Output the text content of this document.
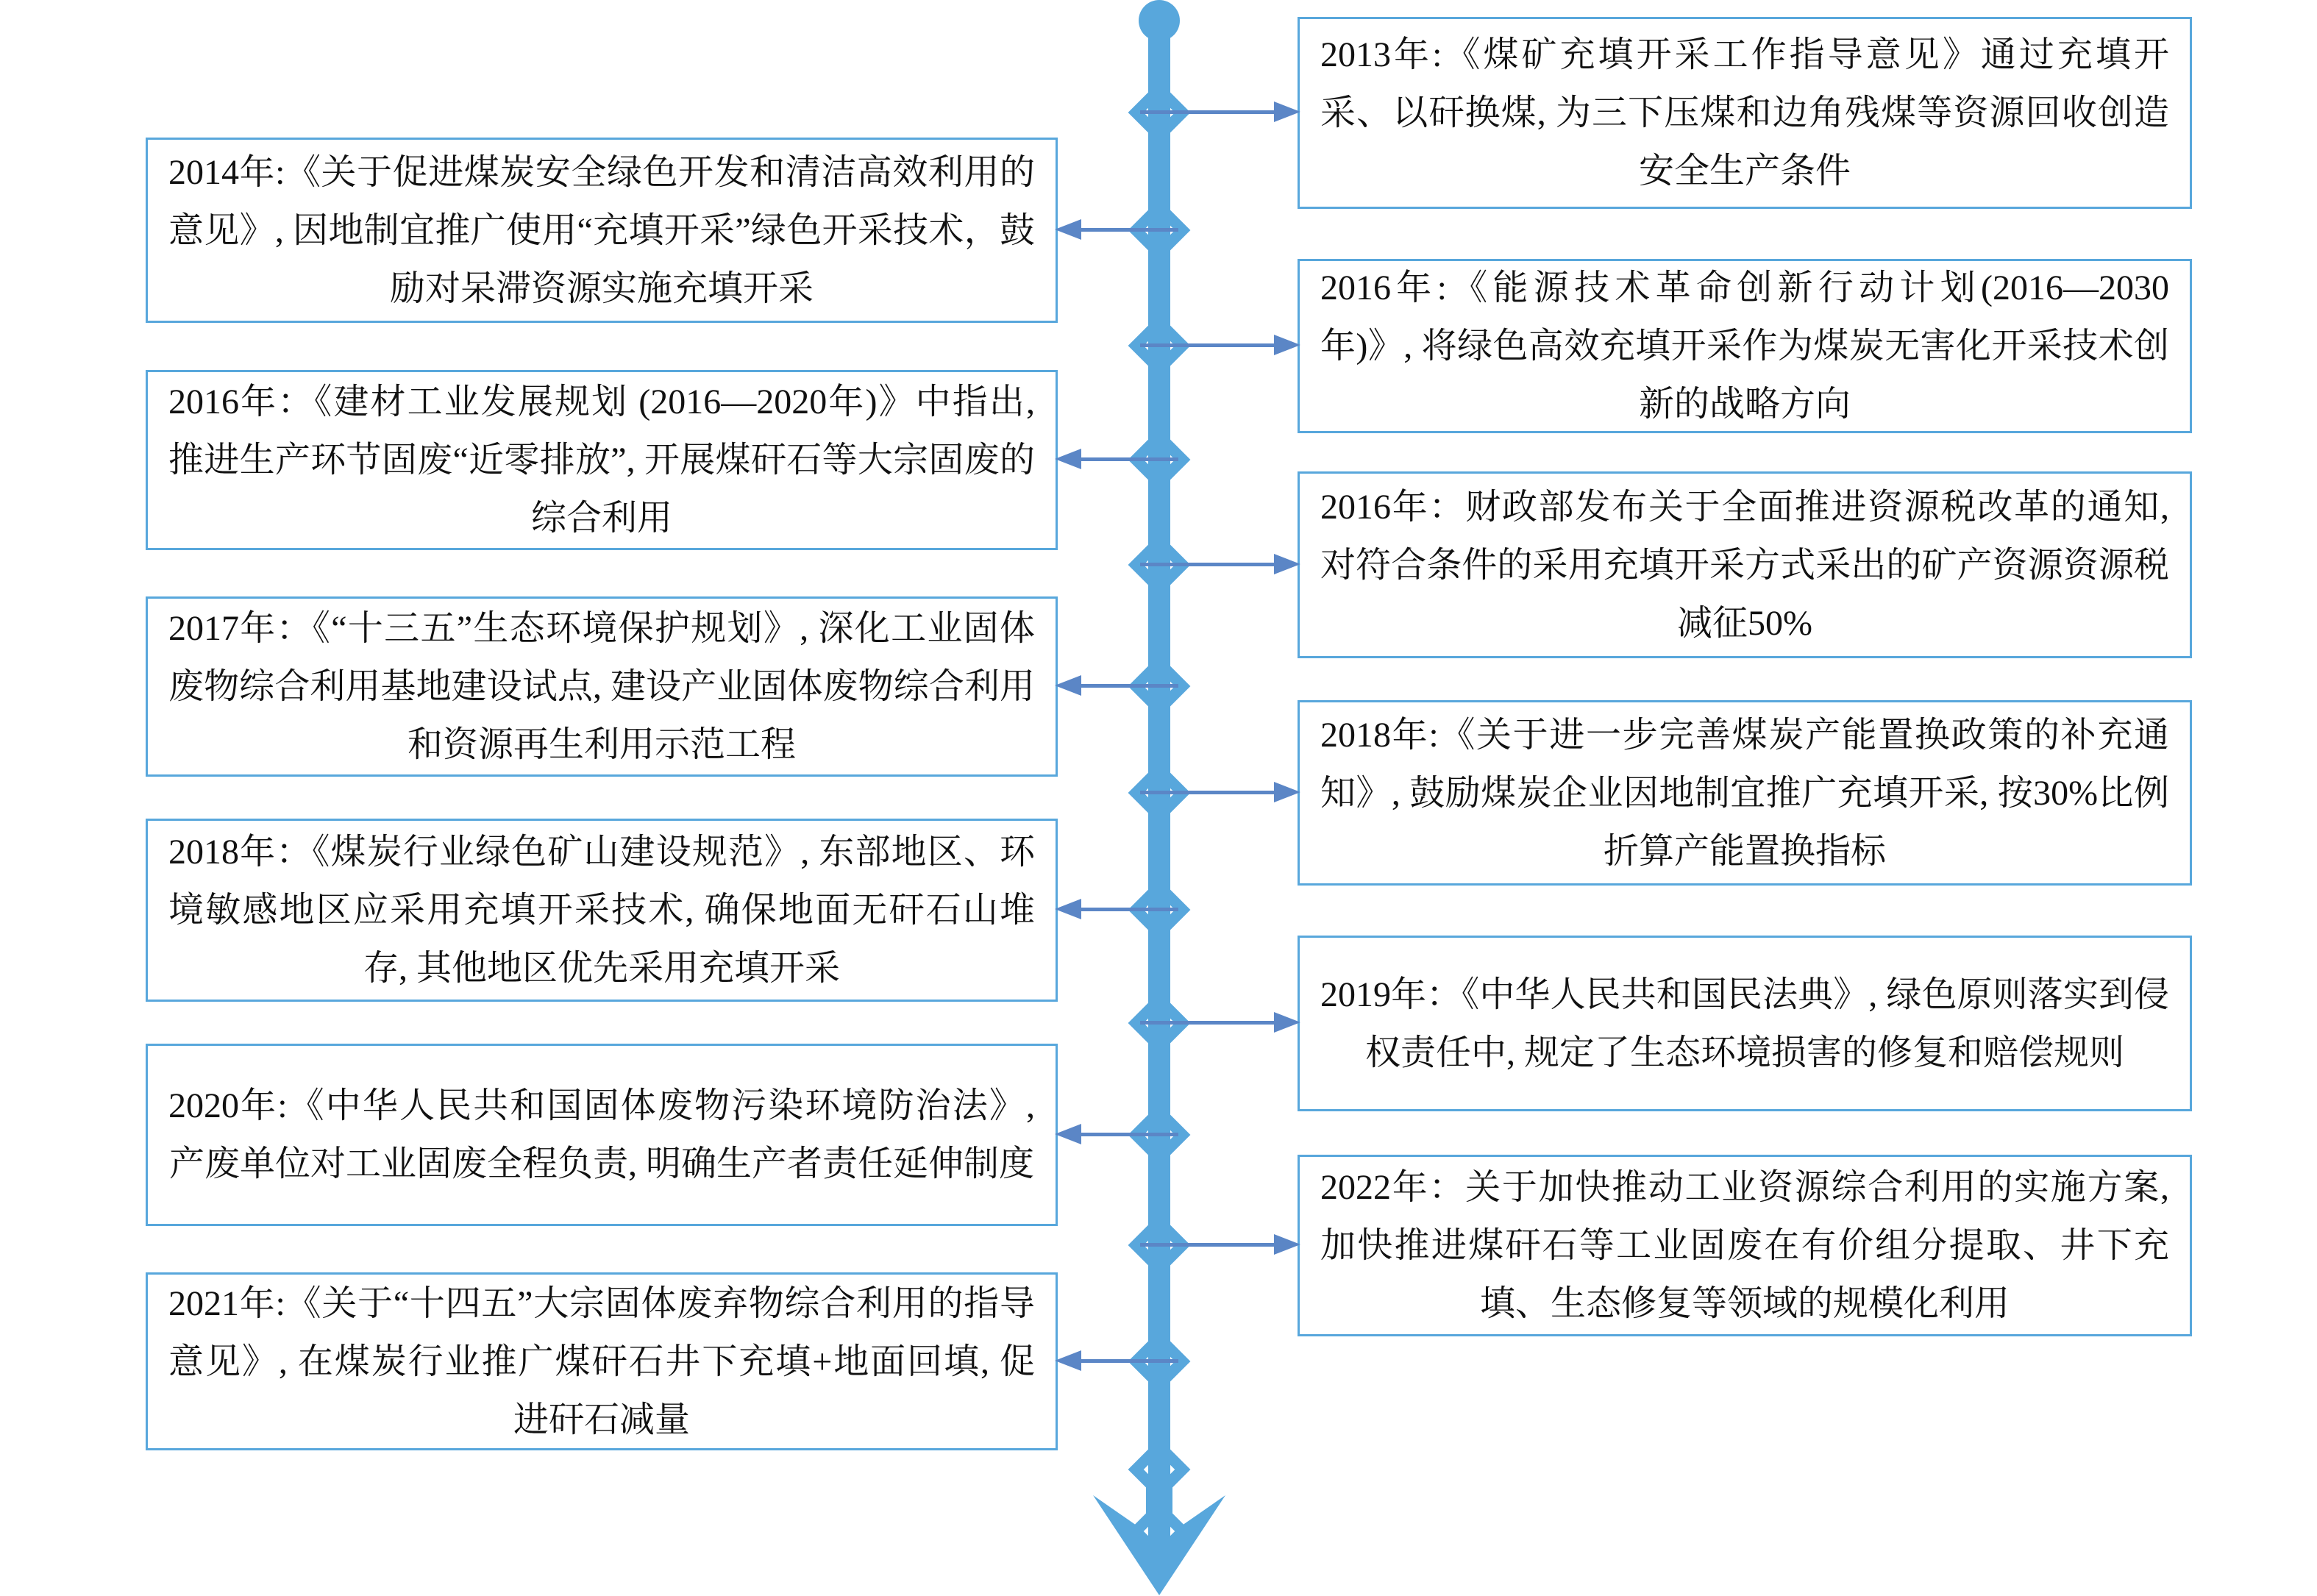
2013年:《煤矿充填开采工作指导意见》通过充填开采、以矸换煤, 为三下压煤和边角残煤等资源回收创造安全生产条件
2016年:《能源技术革命创新行动计划(2016—2030年)》, 将绿色高效充填开采作为煤炭无害化开采技术创新的战略方向
2016年：财政部发布关于全面推进资源税改革的通知, 对符合条件的采用充填开采方式采出的矿产资源资源税减征50%
2018年:《关于进一步完善煤炭产能置换政策的补充通知》, 鼓励煤炭企业因地制宜推广充填开采, 按30%比例折算产能置换指标
2019年：《中华人民共和国民法典》, 绿色原则落实到侵权责任中, 规定了生态环境损害的修复和赔偿规则
2022年：关于加快推动工业资源综合利用的实施方案, 加快推进煤矸石等工业固废在有价组分提取、井下充填、生态修复等领域的规模化利用
2014年:《关于促进煤炭安全绿色开发和清洁高效利用的意见》, 因地制宜推广使用“充填开采”绿色开采技术，鼓励对呆滞资源实施充填开采
2016年：《建材工业发展规划 (2016—2020年)》中指出, 推进生产环节固废“近零排放”, 开展煤矸石等大宗固废的综合利用
2017年：《“十三五”生态环境保护规划》, 深化工业固体废物综合利用基地建设试点, 建设产业固体废物综合利用和资源再生利用示范工程
2018年：《煤炭行业绿色矿山建设规范》, 东部地区、环境敏感地区应采用充填开采技术, 确保地面无矸石山堆存, 其他地区优先采用充填开采
2020年:《中华人民共和国固体废物污染环境防治法》, 产废单位对工业固废全程负责, 明确生产者责任延伸制度
2021年:《关于“十四五”大宗固体废弃物综合利用的指导意见》, 在煤炭行业推广煤矸石井下充填+地面回填, 促进矸石减量
